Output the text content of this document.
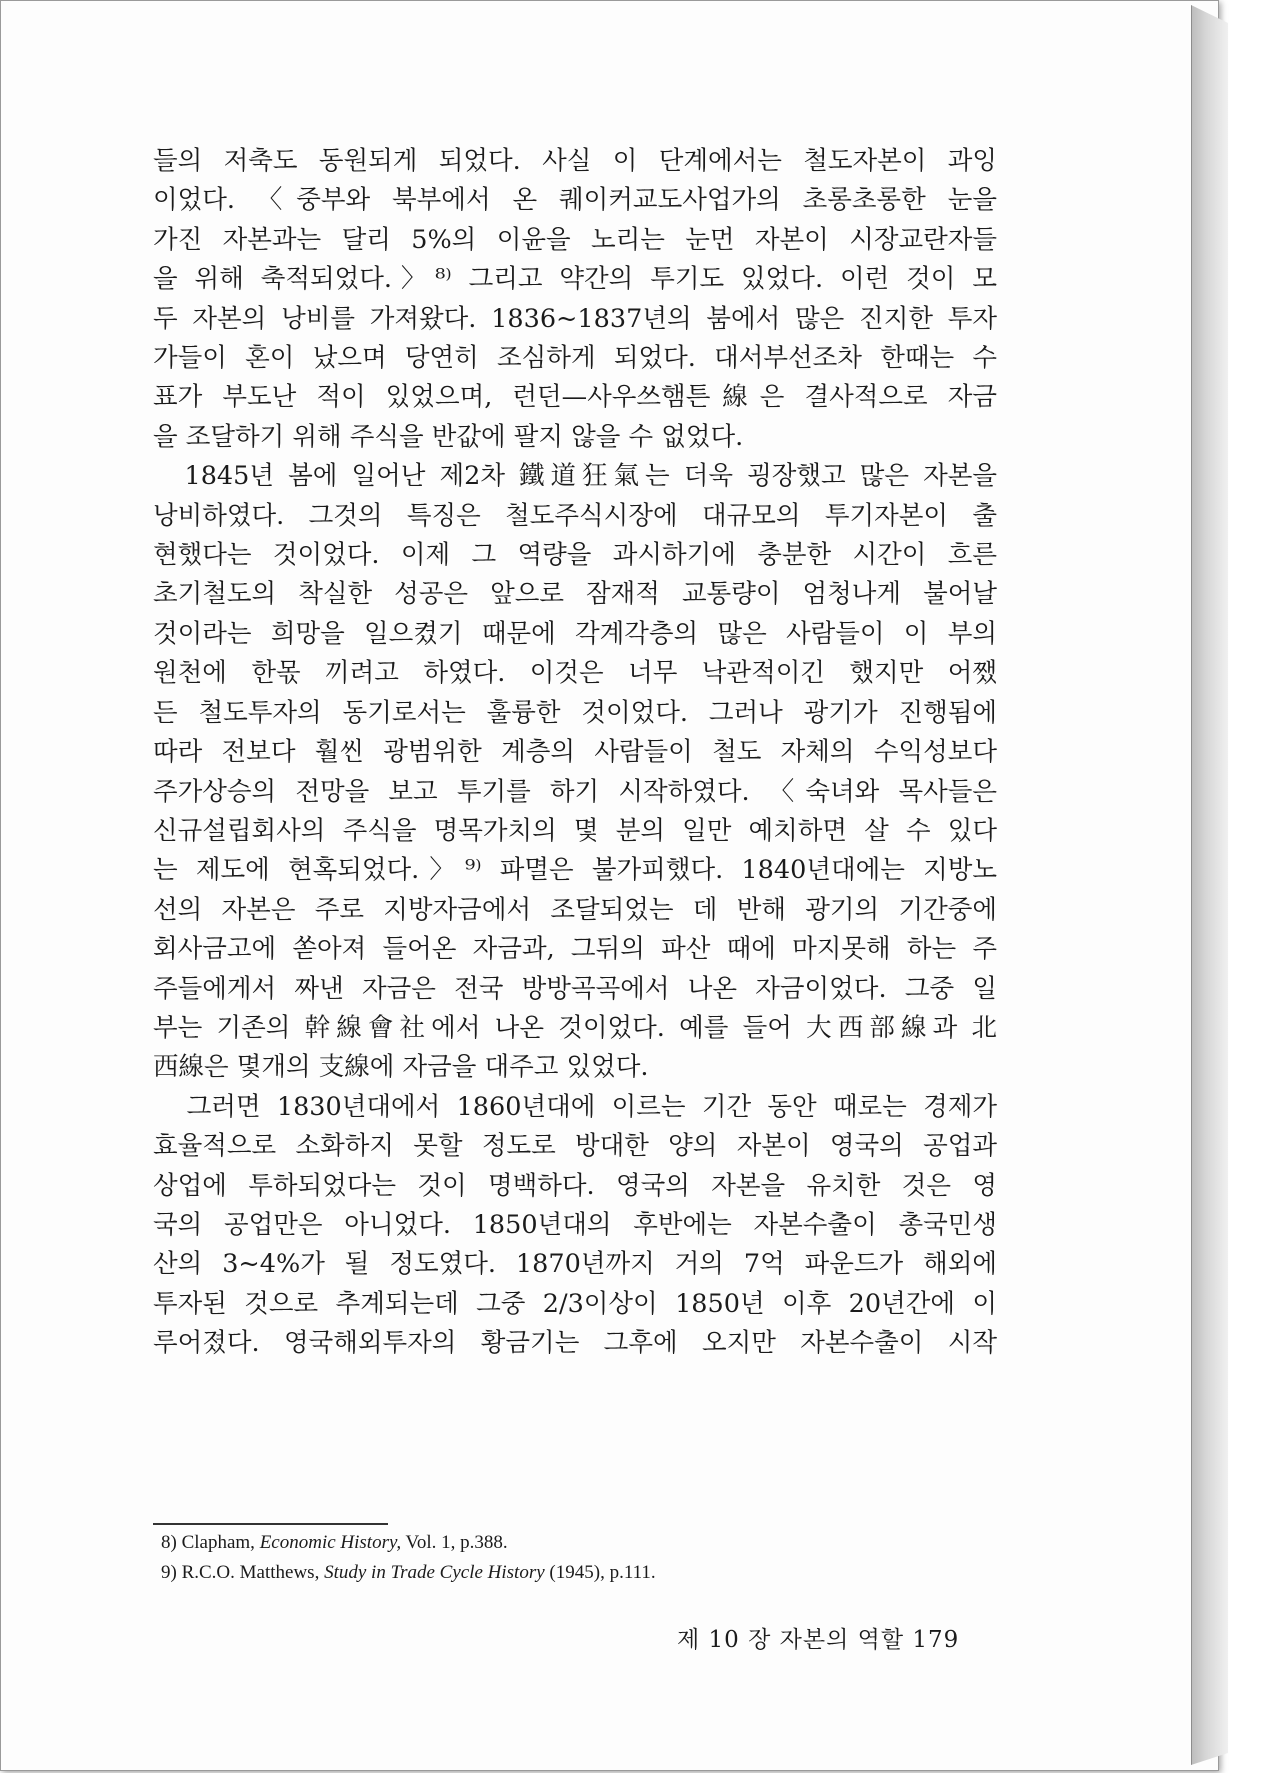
들의 저축도 동원되게 되었다. 사실 이 단계에서는 철도자본이 과잉
이었다. 〈중부와 북부에서 온 퀘이커교도사업가의 초롱초롱한 눈을
가진 자본과는 달리 5%의 이윤을 노리는 눈먼 자본이 시장교란자들
을 위해 축적되었다.〉⁸⁾ 그리고 약간의 투기도 있었다. 이런 것이 모
두 자본의 낭비를 가져왔다. 1836~1837년의 붐에서 많은 진지한 투자
가들이 혼이 났으며 당연히 조심하게 되었다. 대서부선조차 한때는 수
표가 부도난 적이 있었으며, 런던—사우쓰햄튼線은 결사적으로 자금
을 조달하기 위해 주식을 반값에 팔지 않을 수 없었다.
　1845년 봄에 일어난 제2차 鐵道狂氣는 더욱 굉장했고 많은 자본을
낭비하였다. 그것의 특징은 철도주식시장에 대규모의 투기자본이 출
현했다는 것이었다. 이제 그 역량을 과시하기에 충분한 시간이 흐른
초기철도의 착실한 성공은 앞으로 잠재적 교통량이 엄청나게 불어날
것이라는 희망을 일으켰기 때문에 각계각층의 많은 사람들이 이 부의
원천에 한몫 끼려고 하였다. 이것은 너무 낙관적이긴 했지만 어쨌
든 철도투자의 동기로서는 훌륭한 것이었다. 그러나 광기가 진행됨에
따라 전보다 훨씬 광범위한 계층의 사람들이 철도 자체의 수익성보다
주가상승의 전망을 보고 투기를 하기 시작하였다. 〈숙녀와 목사들은
신규설립회사의 주식을 명목가치의 몇 분의 일만 예치하면 살 수 있다
는 제도에 현혹되었다.〉⁹⁾ 파멸은 불가피했다. 1840년대에는 지방노
선의 자본은 주로 지방자금에서 조달되었는 데 반해 광기의 기간중에
회사금고에 쏟아져 들어온 자금과, 그뒤의 파산 때에 마지못해 하는 주
주들에게서 짜낸 자금은 전국 방방곡곡에서 나온 자금이었다. 그중 일
부는 기존의 幹線會社에서 나온 것이었다. 예를 들어 大西部線과 北
西線은 몇개의 支線에 자금을 대주고 있었다.
　그러면 1830년대에서 1860년대에 이르는 기간 동안 때로는 경제가
효율적으로 소화하지 못할 정도로 방대한 양의 자본이 영국의 공업과
상업에 투하되었다는 것이 명백하다. 영국의 자본을 유치한 것은 영
국의 공업만은 아니었다. 1850년대의 후반에는 자본수출이 총국민생
산의 3~4%가 될 정도였다. 1870년까지 거의 7억 파운드가 해외에
투자된 것으로 추계되는데 그중 2/3이상이 1850년 이후 20년간에 이
루어졌다. 영국해외투자의 황금기는 그후에 오지만 자본수출이 시작
8) Clapham, Economic History, Vol. 1, p.388.
9) R.C.O. Matthews, Study in Trade Cycle History (1945), p.111.
제 10 장 자본의 역할 179
